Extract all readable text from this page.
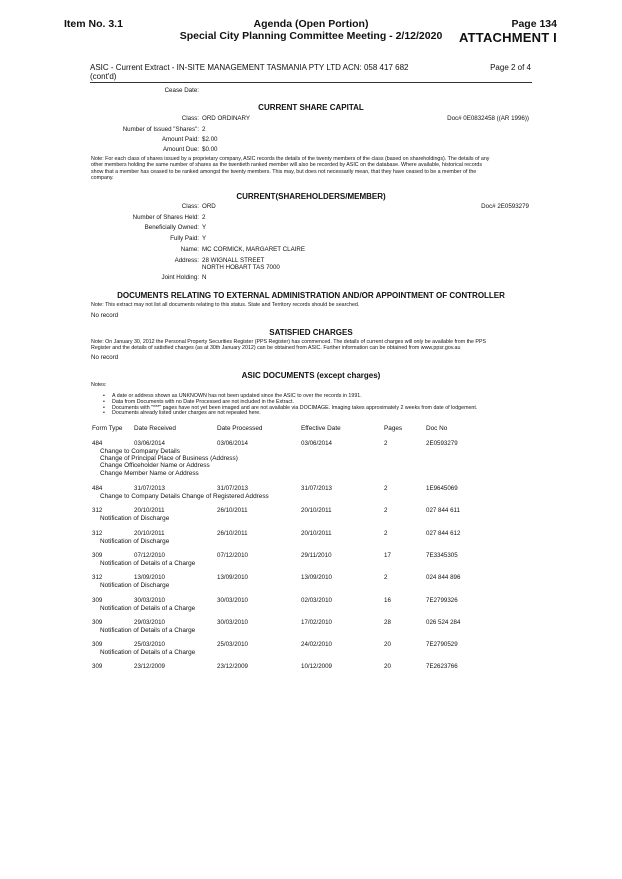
Item No. 3.1	Agenda (Open Portion)
Special City Planning Committee Meeting - 2/12/2020
Page 134
ATTACHMENT I
ASIC - Current Extract - IN-SITE MANAGEMENT TASMANIA PTY LTD ACN: 058 417 682
(cont'd)
Page 2 of 4
Cease Date:
CURRENT SHARE CAPITAL
Class: ORD ORDINARY
Number of Issued "Shares": 2
Amount Paid: $2.00
Amount Due: $0.00
Doc# 0E0832458 ((AR 1996))
Note: For each class of shares issued by a proprietary company, ASIC records the details of the twenty members of the class (based on shareholdings). The details of any
other members holding the same number of shares as the twentieth ranked member will also be recorded by ASIC on the database. Where available, historical records
show that a member has ceased to be ranked amongst the twenty members. This may, but does not necessarily mean, that they have ceased to be a member of the
company.
CURRENT(SHAREHOLDERS/MEMBER)
Doc# 2E0593279
Class: ORD
Number of Shares Held: 2
Beneficially Owned: Y
Fully Paid: Y
Name: MC CORMICK, MARGARET CLAIRE
Address: 28 WIGNALL STREET
NORTH HOBART TAS 7000
Joint Holding: N
DOCUMENTS RELATING TO EXTERNAL ADMINISTRATION AND/OR APPOINTMENT OF CONTROLLER
Note: This extract may not list all documents relating to this status. State and Territory records should be searched.
No record
SATISFIED CHARGES
Note: On January 30, 2012 the Personal Property Securities Register (PPS Register) has commenced. The details of current charges will only be available from the PPS
Register and the details of satisfied charges (as at 30th January 2012) can be obtained from ASIC. Further information can be obtained from www.ppsr.gov.au
No record
ASIC DOCUMENTS (except charges)
Notes:
• A date or address shown as UNKNOWN has not been updated since the ASIC to over the records in 1991.
• Data from Documents with no Date Processed are not included in the Extract.
• Documents with "***" pages have not yet been imaged and are not available via DOCIMAGE. Imaging takes approximately 2 weeks from date of lodgement.
• Documents already listed under charges are not repeated here.
Form Type Date Received	Date Processed	Effective Date	Pages	Doc No
484	03/06/2014	03/06/2014	03/06/2014	2	2E0593279
Change to Company Details
Change of Principal Place of Business (Address)
Change Officeholder Name or Address
Change Member Name or Address
484	31/07/2013	31/07/2013	31/07/2013	2	1E9645069
Change to Company Details Change of Registered Address
312	20/10/2011	26/10/2011	20/10/2011	2	027 844 611
Notification of Discharge
312	20/10/2011	26/10/2011	20/10/2011	2	027 844 612
Notification of Discharge
309	07/12/2010	07/12/2010	29/11/2010	17	7E3345305
Notification of Details of a Charge
312	13/09/2010	13/09/2010	13/09/2010	2	024 844 896
Notification of Discharge
309	30/03/2010	30/03/2010	02/03/2010	16	7E2799326
Notification of Details of a Charge
309	29/03/2010	30/03/2010	17/02/2010	28	026 524 284
Notification of Details of a Charge
309	25/03/2010	25/03/2010	24/02/2010	20	7E2790529
Notification of Details of a Charge
309	23/12/2009	23/12/2009	10/12/2009	20	7E2623766
